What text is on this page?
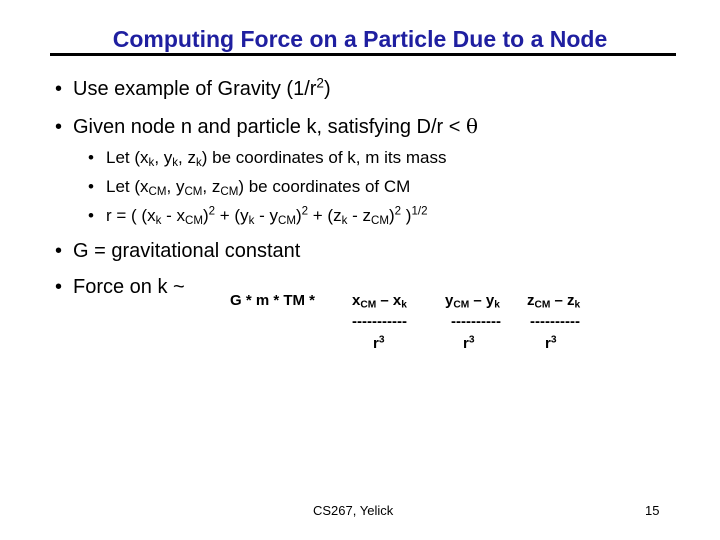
Computing Force on a Particle Due to a Node
• Use example of Gravity $(1/r^2)$
• Given node n and particle k, satisfying D/r < θ
• Let ($x_k$, $y_k$, $z_k$) be coordinates of k, m its mass
• Let ($x_{CM}$, $y_{CM}$, $z_{CM}$) be coordinates of CM
• r = ( $(x_k - x_{CM})^2 + (y_k - y_{CM})^2 + (z_k - z_{CM})^2$ )$^{1/2}$
• G = gravitational constant
• Force on k ~
G * m * TM * $x_{CM} - x_k$
-----------
$r^3$
$y_{CM} - y_k$
----------
$r^3$
$z_{CM} - z_k$
----------
$r^3$
CS267, Yelick	15
